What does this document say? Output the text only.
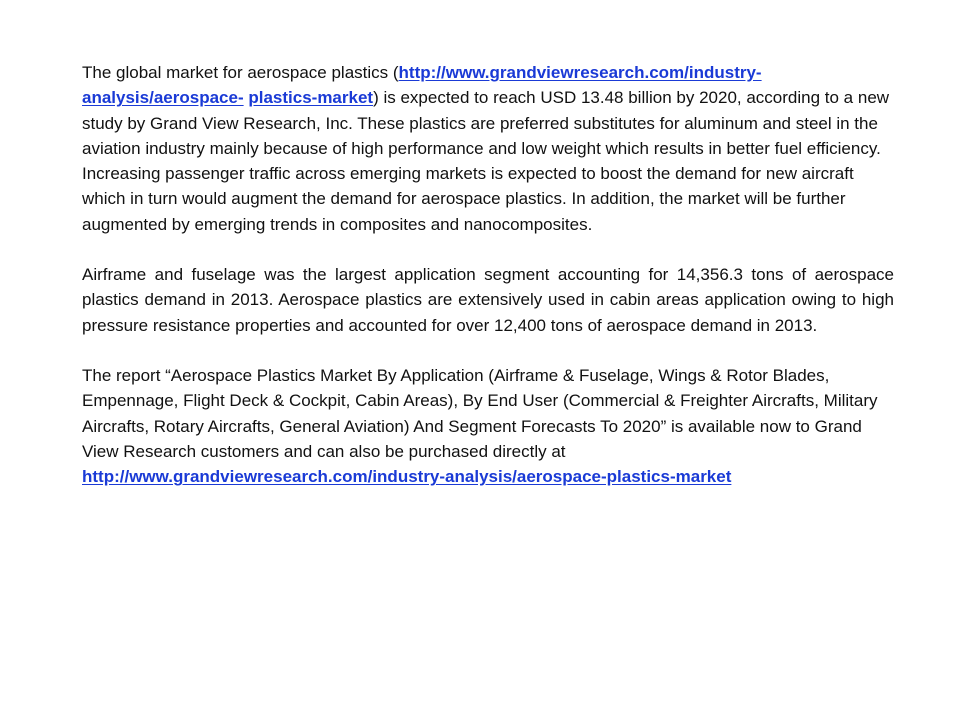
The global market for aerospace plastics (http://www.grandviewresearch.com/industry-analysis/aerospace- plastics-market) is expected to reach USD 13.48 billion by 2020, according to a new study by Grand View Research, Inc. These plastics are preferred substitutes for aluminum and steel in the aviation industry mainly because of high performance and low weight which results in better fuel efficiency. Increasing passenger traffic across emerging markets is expected to boost the demand for new aircraft which in turn would augment the demand for aerospace plastics. In addition, the market will be further augmented by emerging trends in composites and nanocomposites.

Airframe and fuselage was the largest application segment accounting for 14,356.3 tons of aerospace plastics demand in 2013. Aerospace plastics are extensively used in cabin areas application owing to high pressure resistance properties and accounted for over 12,400 tons of aerospace demand in 2013.

The report “Aerospace Plastics Market By Application (Airframe & Fuselage, Wings & Rotor Blades, Empennage, Flight Deck & Cockpit, Cabin Areas), By End User (Commercial & Freighter Aircrafts, Military Aircrafts, Rotary Aircrafts, General Aviation) And Segment Forecasts To 2020” is available now to Grand View Research customers and can also be purchased directly at http://www.grandviewresearch.com/industry-analysis/aerospace-plastics-market
